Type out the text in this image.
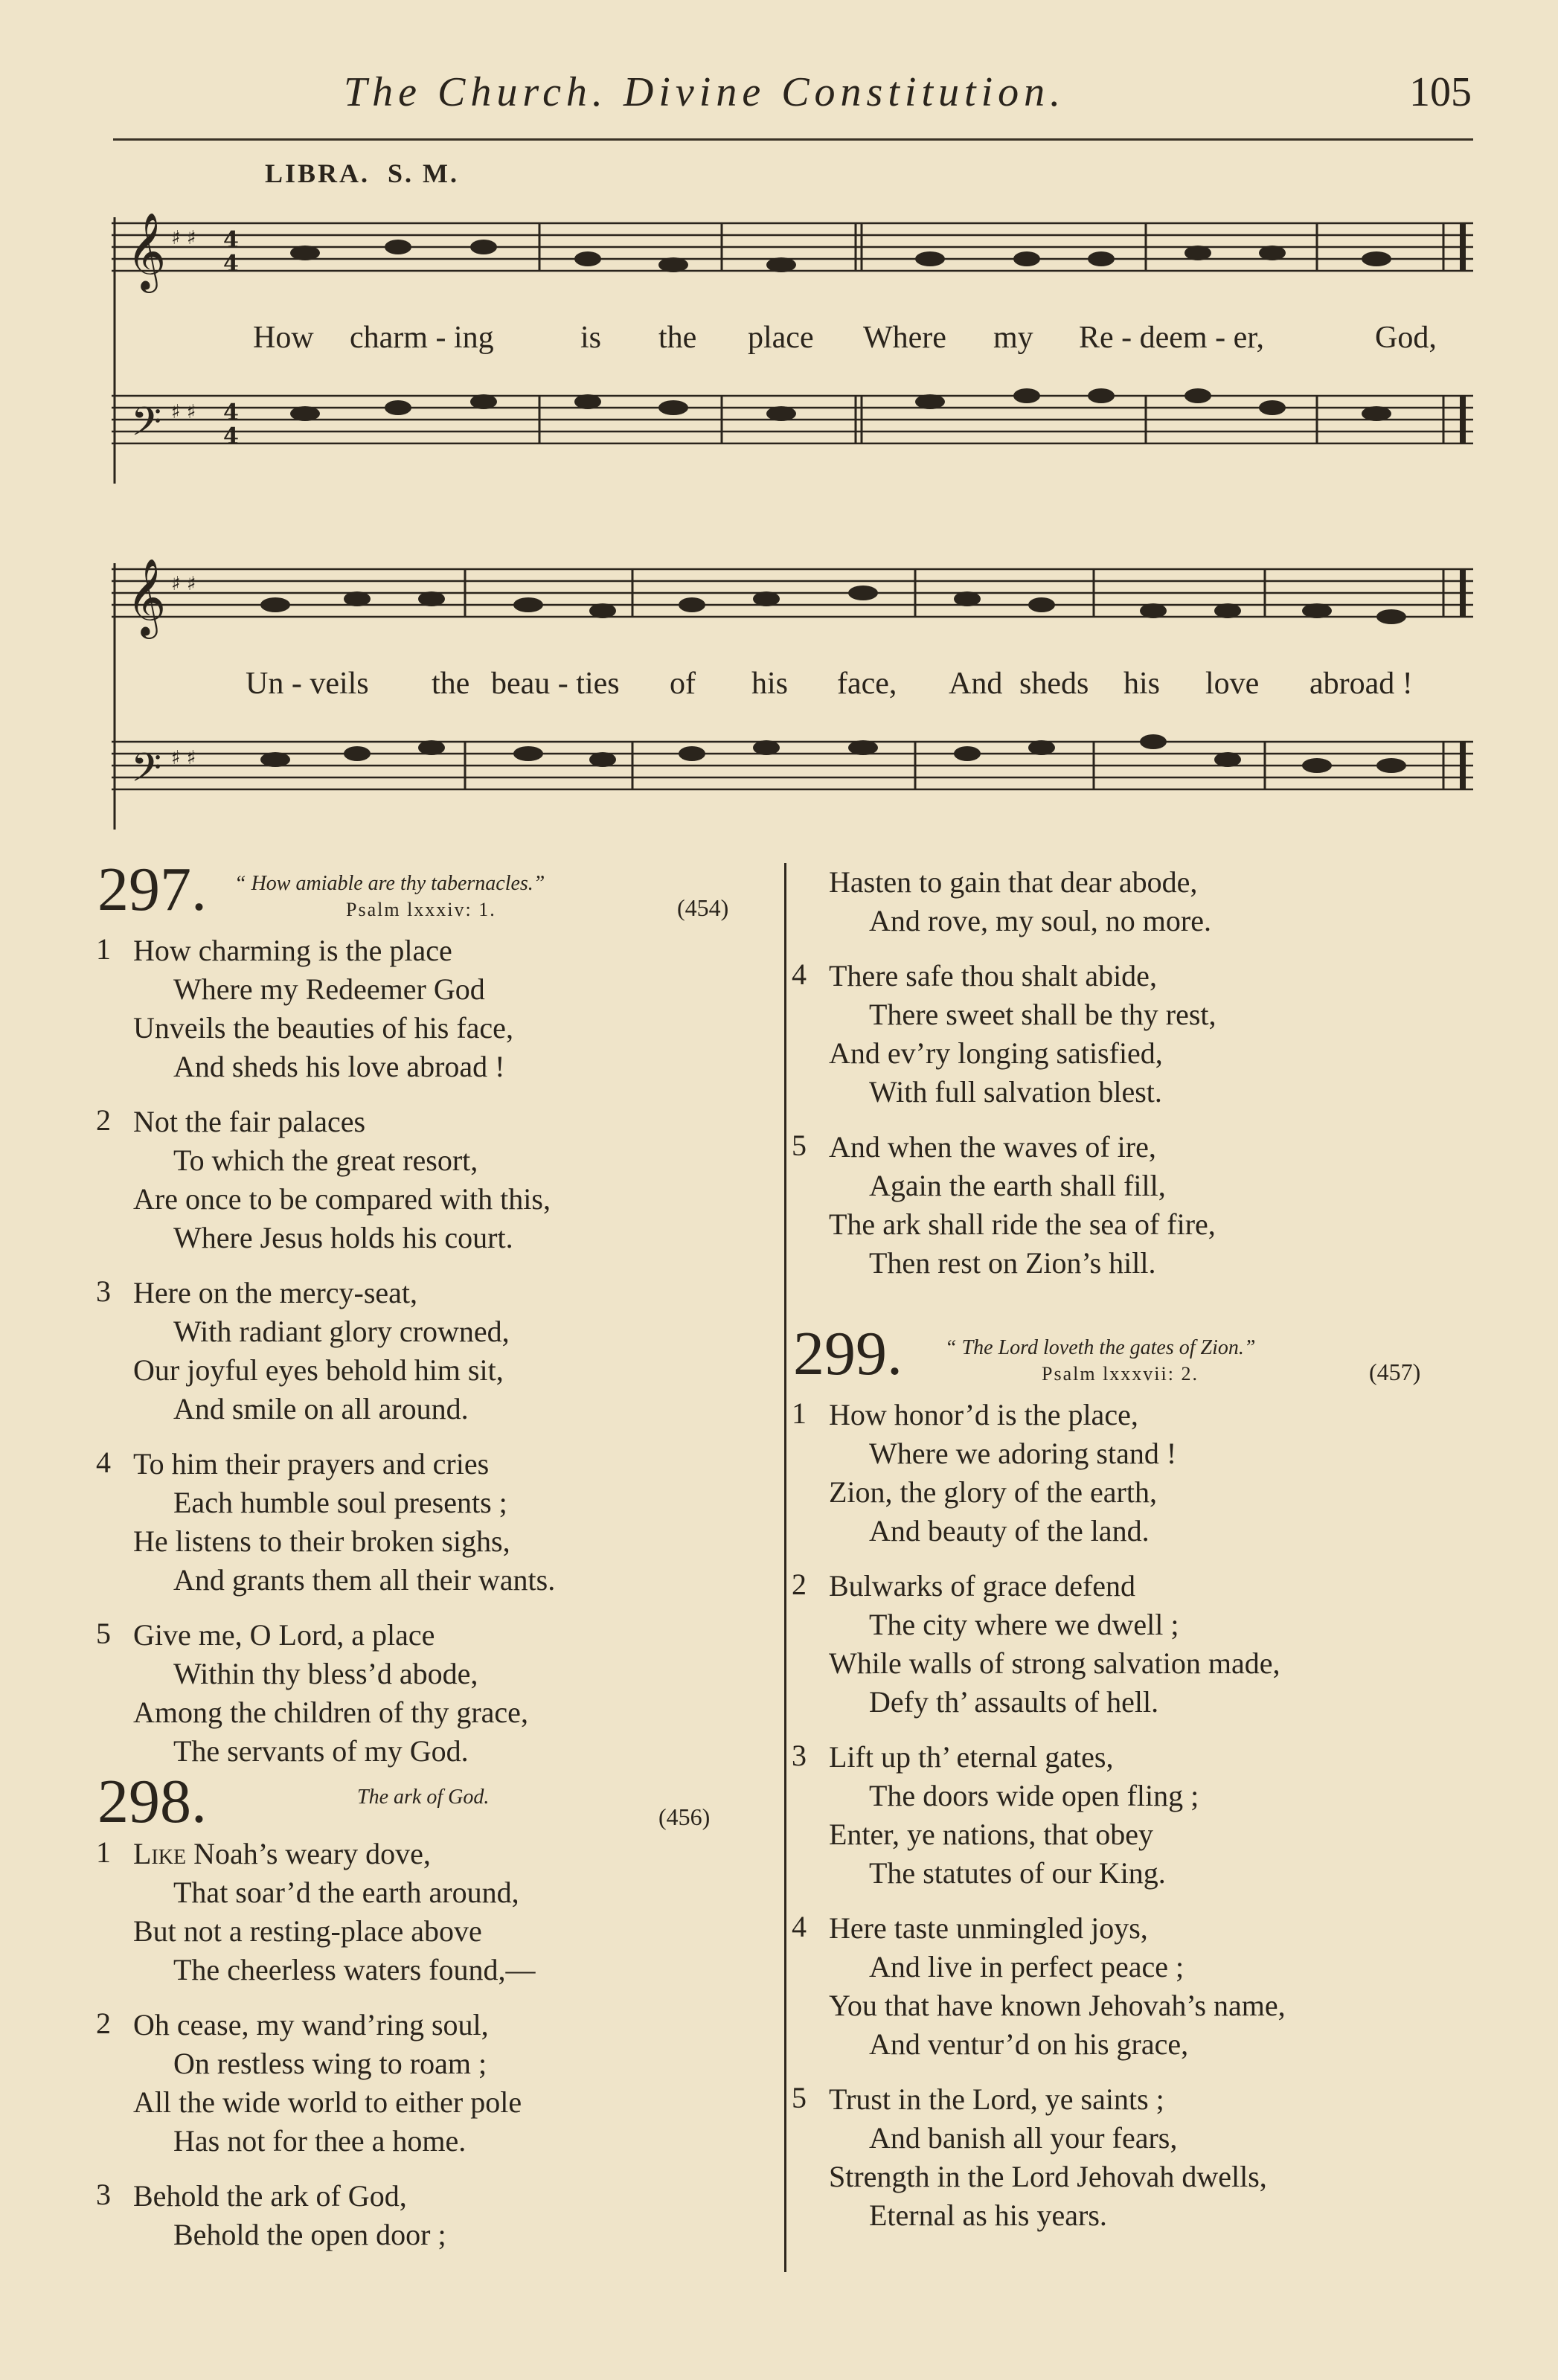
The Church. Divine Constitution.	105
LIBRA. S. M.
𝄞
𝄢
♯ ♯
♯ ♯
4
4
4
4
How charm - ing	is the place Where my Re - deem - er,	God,
𝄞
𝄢
♯ ♯
♯ ♯
Un - veils the beau - ties of his face, And sheds his love abroad !
297. “ How amiable are thy tabernacles.”
Psalm lxxxiv: 1.	(454)
1 How charming is the place
Where my Redeemer God
Unveils the beauties of his face,
And sheds his love abroad !
2 Not the fair palaces
To which the great resort,
Are once to be compared with this,
Where Jesus holds his court.
3 Here on the mercy-seat,
With radiant glory crowned,
Our joyful eyes behold him sit,
And smile on all around.
4 To him their prayers and cries
Each humble soul presents ;
He listens to their broken sighs,
And grants them all their wants.
5 Give me, O Lord, a place
Within thy bless’d abode,
Among the children of thy grace,
The servants of my God.
298.	The ark of God.
(456)
1 Like Noah’s weary dove,
That soar’d the earth around,
But not a resting-place above
The cheerless waters found,—
2 Oh cease, my wand’ring soul,
On restless wing to roam ;
All the wide world to either pole
Has not for thee a home.
3 Behold the ark of God,
Behold the open door ;
Hasten to gain that dear abode,
And rove, my soul, no more.
4 There safe thou shalt abide,
There sweet shall be thy rest,
And ev’ry longing satisfied,
With full salvation blest.
5 And when the waves of ire,
Again the earth shall fill,
The ark shall ride the sea of fire,
Then rest on Zion’s hill.
299. “ The Lord loveth the gates of Zion.”
Psalm lxxxvii: 2.	(457)
1 How honor’d is the place,
Where we adoring stand !
Zion, the glory of the earth,
And beauty of the land.
2 Bulwarks of grace defend
The city where we dwell ;
While walls of strong salvation made,
Defy th’ assaults of hell.
3 Lift up th’ eternal gates,
The doors wide open fling ;
Enter, ye nations, that obey
The statutes of our King.
4 Here taste unmingled joys,
And live in perfect peace ;
You that have known Jehovah’s name,
And ventur’d on his grace,
5 Trust in the Lord, ye saints ;
And banish all your fears,
Strength in the Lord Jehovah dwells,
Eternal as his years.
